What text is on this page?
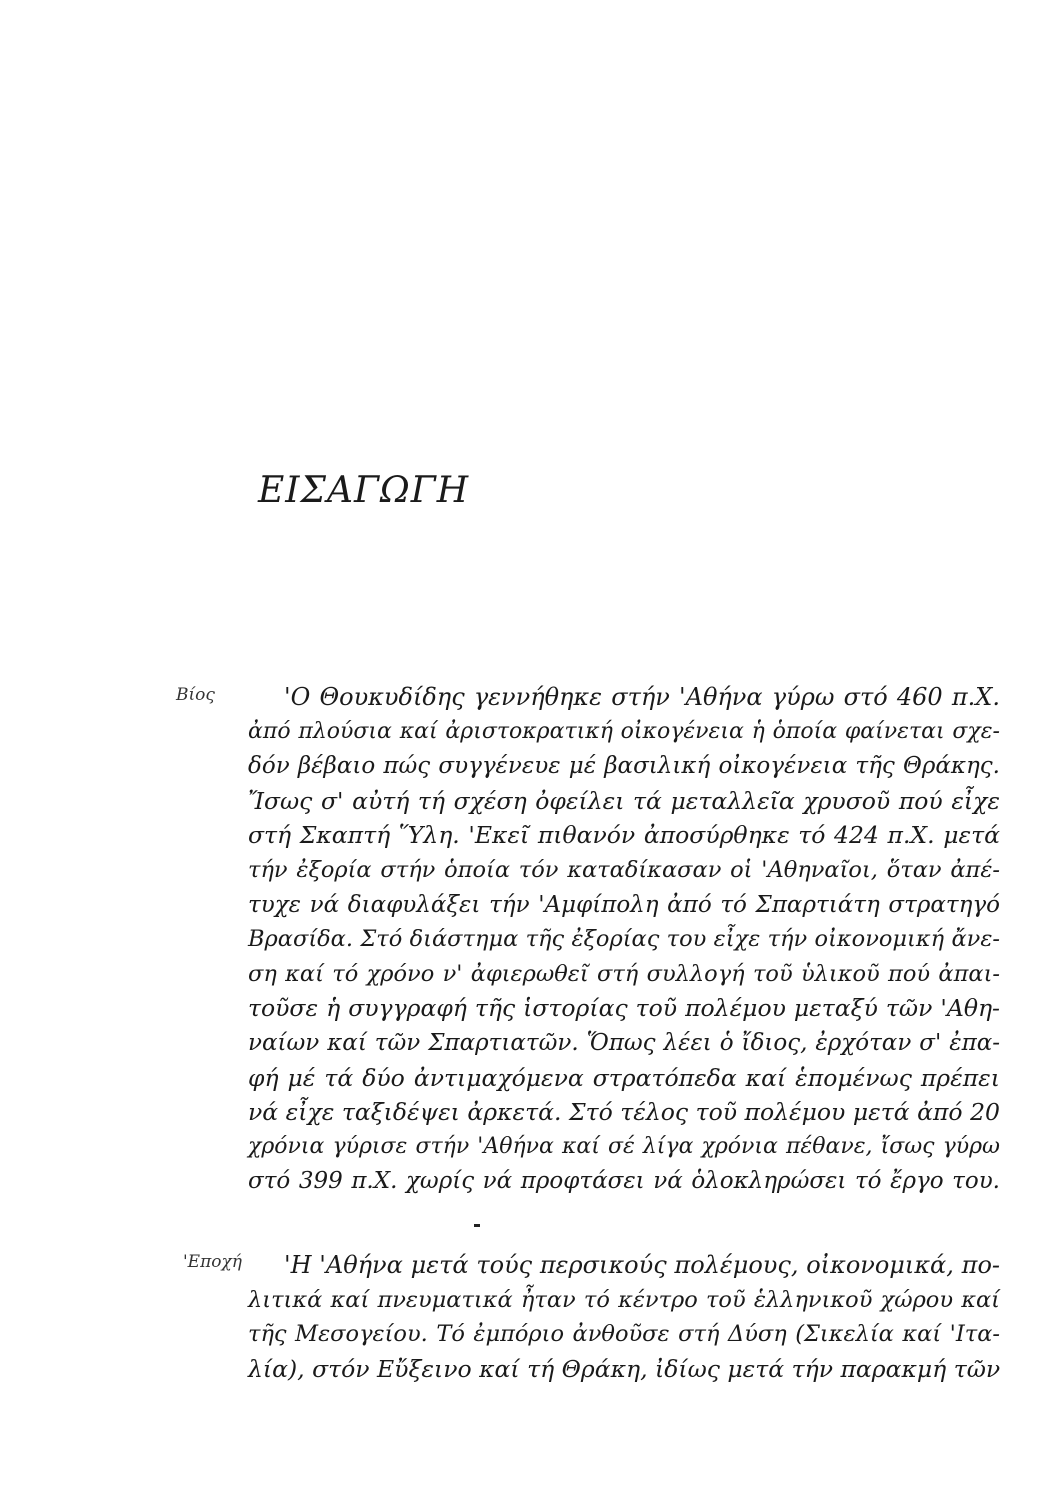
ΕΙΣΑΓΩΓΗ
Βίος	'Ο Θουκυδίδης γεννήθηκε στήν 'Αθήνα γύρω στό 460 π.Χ.
ἀπό πλούσια καί ἀριστοκρατική οἰκογένεια ἡ ὁποία φαίνεται σχε-
δόν βέβαιο πώς συγγένευε μέ βασιλική οἰκογένεια τῆς Θράκης.
Ἴσως σ' αὐτή τή σχέση ὀφείλει τά μεταλλεῖα χρυσοῦ πού εἶχε
στή Σκαπτή Ὕλη. 'Εκεῖ πιθανόν ἀποσύρθηκε τό 424 π.Χ. μετά
τήν ἐξορία στήν ὁποία τόν καταδίκασαν οἱ 'Αθηναῖοι, ὅταν ἀπέ-
τυχε νά διαφυλάξει τήν 'Αμφίπολη ἀπό τό Σπαρτιάτη στρατηγό
Βρασίδα. Στό διάστημα τῆς ἐξορίας του εἶχε τήν οἰκονομική ἄνε-
ση καί τό χρόνο ν' ἀφιερωθεῖ στή συλλογή τοῦ ὑλικοῦ πού ἀπαι-
τοῦσε ἡ συγγραφή τῆς ἱστορίας τοῦ πολέμου μεταξύ τῶν 'Αθη-
ναίων καί τῶν Σπαρτιατῶν. Ὅπως λέει ὁ ἴδιος, ἐρχόταν σ' ἐπα-
φή μέ τά δύο ἀντιμαχόμενα στρατόπεδα καί ἑπομένως πρέπει
νά εἶχε ταξιδέψει ἀρκετά. Στό τέλος τοῦ πολέμου μετά ἀπό 20
χρόνια γύρισε στήν 'Αθήνα καί σέ λίγα χρόνια πέθανε, ἴσως γύρω
στό 399 π.Χ. χωρίς νά προφτάσει νά ὁλοκληρώσει τό ἔργο του.
'Εποχή	'Η 'Αθήνα μετά τούς περσικούς πολέμους, οἰκονομικά, πο-
λιτικά καί πνευματικά ἦταν τό κέντρο τοῦ ἑλληνικοῦ χώρου καί
τῆς Μεσογείου. Τό ἐμπόριο ἀνθοῦσε στή Δύση (Σικελία καί 'Ιτα-
λία), στόν Εὔξεινο καί τή Θράκη, ἰδίως μετά τήν παρακμή τῶν
